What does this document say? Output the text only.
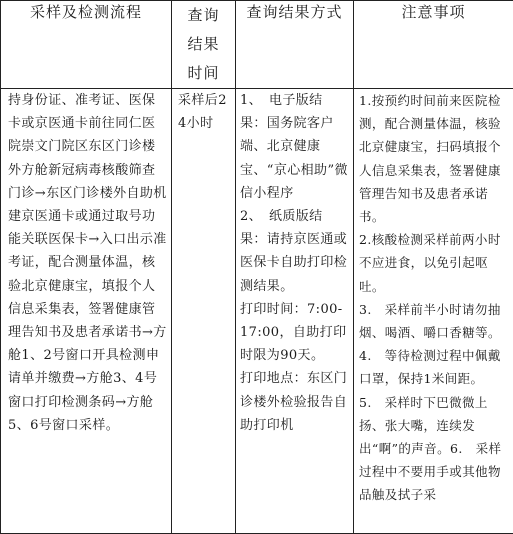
采样及检测流程	查询结果时间	查询结果方式	注意事项

持身份证、准考证、医保卡或京医通卡前往同仁医院崇文门院区东区门诊楼外方舱新冠病毒核酸筛查门诊→东区门诊楼外自助机建京医通卡或通过取号功能关联医保卡→入口出示准考证，配合测量体温，核验北京健康宝，填报个人信息采集表，签署健康管理告知书及患者承诺书→方舱1、2号窗口开具检测申请单并缴费→方舱3、4号窗口打印检测条码→方舱5、6号窗口采样。	采样后24小时	1、　电子版结果：国务院客户端、北京健康宝、“京心相助”微信小程序
2、　纸质版结果：请持京医通或医保卡自助打印检测结果。
打印时间：7:00-17:00，自助打印时限为90天。
打印地点：东区门诊楼外检验报告自助打印机	1.按预约时间前来医院检测，配合测量体温，核验北京健康宝，扫码填报个人信息采集表，签署健康管理告知书及患者承诺书。
2.核酸检测采样前两小时不应进食，以免引起呕吐。
3.　采样前半小时请勿抽烟、喝酒、嚼口香糖等。
4.　等待检测过程中佩戴口罩，保持1米间距。
5.　采样时下巴微微上扬、张大嘴，连续发出“啊”的声音。6.　采样过程中不要用手或其他物品触及拭子采
